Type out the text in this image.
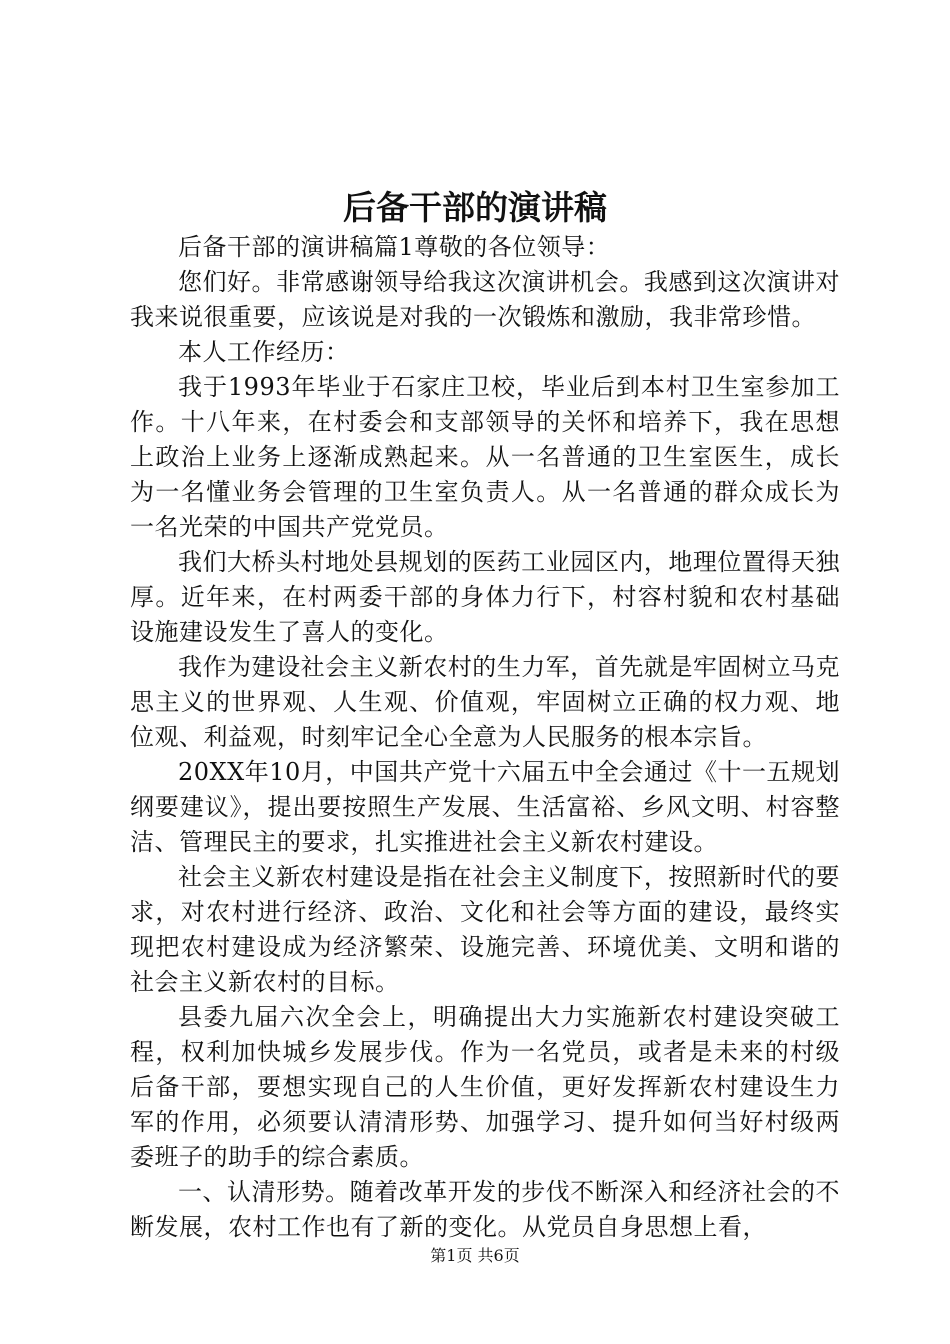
后备干部的演讲稿

后备干部的演讲稿篇1尊敬的各位领导：

您们好。非常感谢领导给我这次演讲机会。我感到这次演讲对我来说很重要，应该说是对我的一次锻炼和激励，我非常珍惜。

本人工作经历：

我于1993年毕业于石家庄卫校，毕业后到本村卫生室参加工作。十八年来，在村委会和支部领导的关怀和培养下，我在思想上政治上业务上逐渐成熟起来。从一名普通的卫生室医生，成长为一名懂业务会管理的卫生室负责人。从一名普通的群众成长为一名光荣的中国共产党党员。

我们大桥头村地处县规划的医药工业园区内，地理位置得天独厚。近年来，在村两委干部的身体力行下，村容村貌和农村基础设施建设发生了喜人的变化。

我作为建设社会主义新农村的生力军，首先就是牢固树立马克思主义的世界观、人生观、价值观，牢固树立正确的权力观、地位观、利益观，时刻牢记全心全意为人民服务的根本宗旨。

20XX年10月，中国共产党十六届五中全会通过《十一五规划纲要建议》，提出要按照生产发展、生活富裕、乡风文明、村容整洁、管理民主的要求，扎实推进社会主义新农村建设。

社会主义新农村建设是指在社会主义制度下，按照新时代的要求，对农村进行经济、政治、文化和社会等方面的建设，最终实现把农村建设成为经济繁荣、设施完善、环境优美、文明和谐的社会主义新农村的目标。

县委九届六次全会上，明确提出大力实施新农村建设突破工程，权利加快城乡发展步伐。作为一名党员，或者是未来的村级后备干部，要想实现自己的人生价值，更好发挥新农村建设生力军的作用，必须要认清清形势、加强学习、提升如何当好村级两委班子的助手的综合素质。

一、认清形势。随着改革开发的步伐不断深入和经济社会的不断发展，农村工作也有了新的变化。从党员自身思想上看，

第1页 共6页
